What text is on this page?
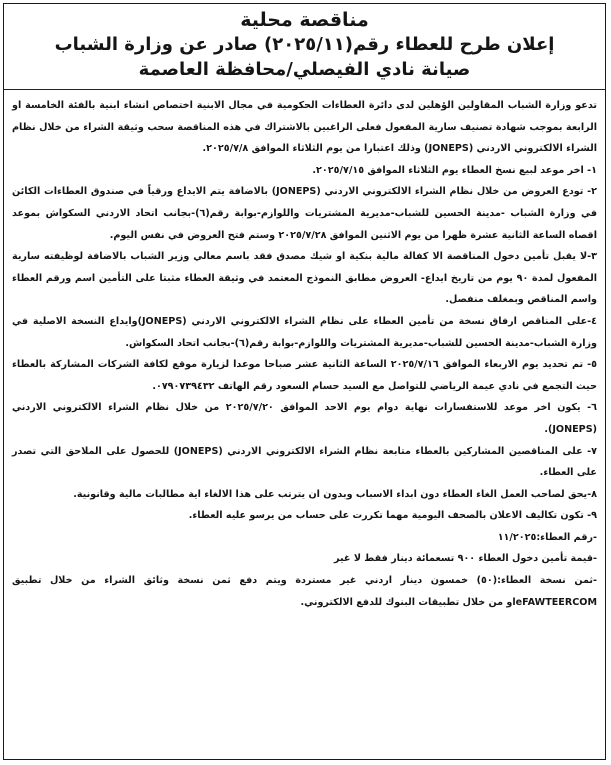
مناقصة محلية
إعلان طرح للعطاء رقم(٢٠٢٥/١١) صادر عن وزارة الشباب
صيانة نادي الفيصلي/محافظة العاصمة

تدعو وزارة الشباب المقاولين الؤهلين لدى دائرة العطاءات الحكومية في مجال الابنية اختصاص انشاء ابنية بالفئة الخامسة او الرابعة بموجب شهادة تصنيف سارية المفعول فعلى الراغبين بالاشتراك في هذه المناقصة سحب وثيقة الشراء من خلال نظام الشراء الالكتروني الاردني (JONEPS) وذلك اعتبارا من يوم الثلاثاء الموافق ٢٠٢٥/٧/٨.

١- اخر موعد لبيع نسخ العطاء يوم الثلاثاء الموافق ٢٠٢٥/٧/١٥.

٢- تودع العروض من خلال نظام الشراء الالكتروني الاردني (JONEPS) بالاضافة يتم الايداع ورقياً في صندوق العطاءات الكائن في وزارة الشباب -مدينة الحسين للشباب-مديرية المشتريات واللوازم-بوابة رقم(٦)-بجانب اتحاد الاردني السكواش بموعد اقصاه الساعة الثانية عشرة ظهرا من يوم الاثنين الموافق ٢٠٢٥/٧/٢٨ وستم فتح العروض في نفس اليوم.

٣-لا يقبل تأمين دخول المناقصة الا كفالة مالية بنكية او شيك مصدق فقد باسم معالي وزير الشباب بالاضافة لوظيفته سارية المفعول لمدة ٩٠ يوم من تاريخ ايداع- العروض مطابق النموذج المعتمد في وثيقة العطاء مثبتا على التأمين اسم ورقم العطاء واسم المناقص وبمغلف منفصل.

٤-على المناقص ارفاق نسخة من تأمين العطاء على نظام الشراء الالكتروني الاردني (JONEPS)وايداع النسخة الاصلية في وزارة الشباب-مدينة الحسين للشباب-مديرية المشتريات واللوازم-بوابة رقم(٦)-بجانب اتحاد السكواش.

٥- تم تحديد يوم الاربعاء الموافق ٢٠٢٥/٧/١٦ الساعة الثانية عشر صباحا موعدا لزيارة موقع لكافة الشركات المشاركة بالعطاء حيث التجمع في نادي عيمة الرياضي للتواصل مع السيد حسام السعود رقم الهاتف ٠٧٩٠٧٣٩٤٣٢.

٦- يكون اخر موعد للاستفسارات نهاية دوام يوم الاحد الموافق ٢٠٢٥/٧/٢٠ من خلال نظام الشراء الالكتروني الاردني (JONEPS).

٧- على المناقصين المشاركين بالعطاء متابعة نظام الشراء الالكتروني الاردني (JONEPS) للحصول على الملاحق التي تصدر على العطاء.

٨-يحق لصاحب العمل الغاء العطاء دون ابداء الاسباب وبدون ان يترتب على هذا الالغاء اية مطالبات مالية وقانونية.

٩- تكون تكاليف الاعلان بالصحف اليومية مهما تكررت على حساب من يرسو عليه العطاء.

-رقم العطاء:١١/٢٠٢٥

-قيمة تأمين دخول العطاء ٩٠٠ تسعمائة دينار فقط لا غير

-ثمن نسخة العطاء:(٥٠) خمسون دينار اردني غير مستردة ويتم دفع ثمن نسخة وثائق الشراء من خلال تطبيق eFAWTEERCOMاو من خلال تطبيقات البنوك للدفع الالكتروني.
